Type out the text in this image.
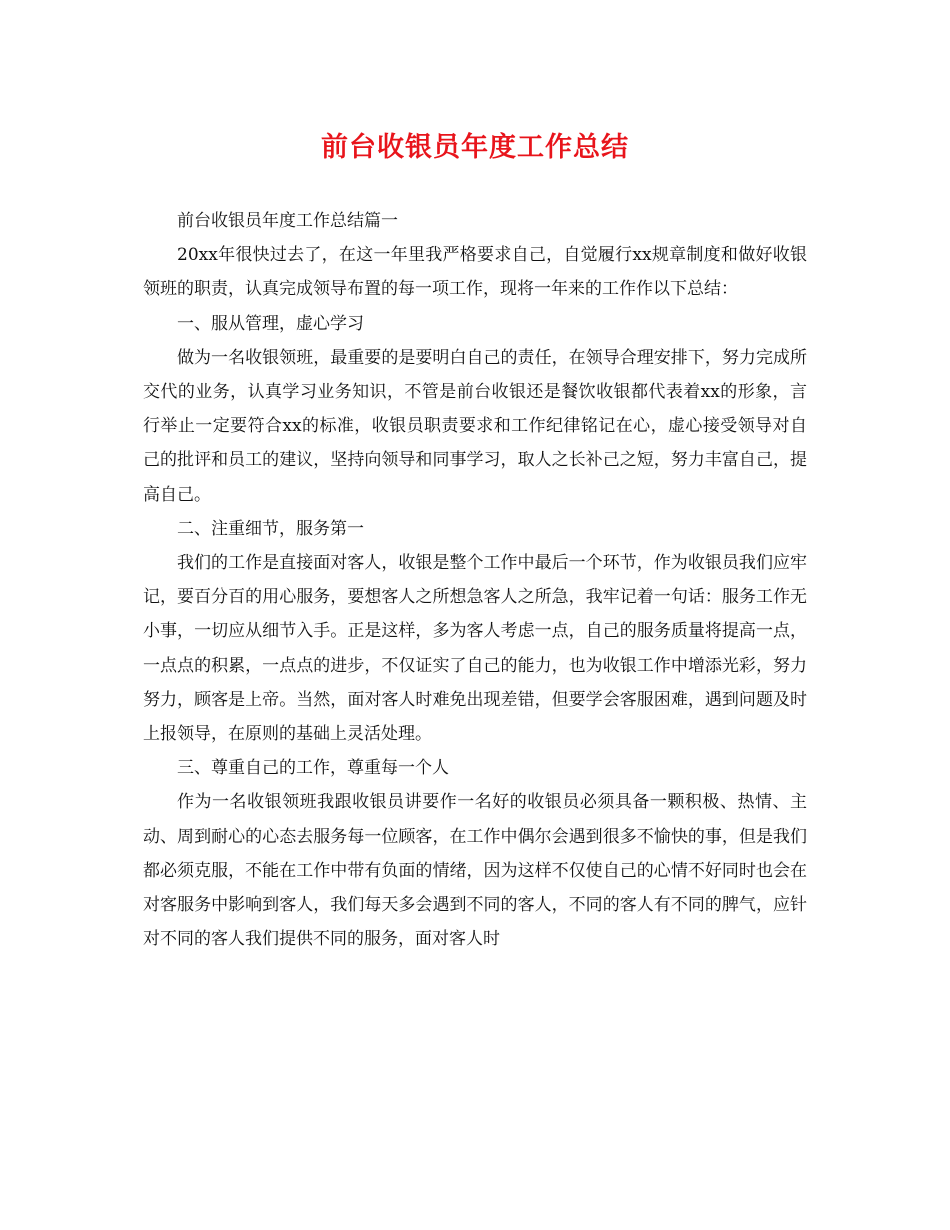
前台收银员年度工作总结

前台收银员年度工作总结篇一

20xx年很快过去了，在这一年里我严格要求自己，自觉履行xx规章制度和做好收银领班的职责，认真完成领导布置的每一项工作，现将一年来的工作作以下总结：

一、服从管理，虚心学习

做为一名收银领班，最重要的是要明白自己的责任，在领导合理安排下，努力完成所交代的业务，认真学习业务知识，不管是前台收银还是餐饮收银都代表着xx的形象，言行举止一定要符合xx的标准，收银员职责要求和工作纪律铭记在心，虚心接受领导对自己的批评和员工的建议，坚持向领导和同事学习，取人之长补己之短，努力丰富自己，提高自己。

二、注重细节，服务第一

我们的工作是直接面对客人，收银是整个工作中最后一个环节，作为收银员我们应牢记，要百分百的用心服务，要想客人之所想急客人之所急，我牢记着一句话：服务工作无小事，一切应从细节入手。正是这样，多为客人考虑一点，自己的服务质量将提高一点，一点点的积累，一点点的进步，不仅证实了自己的能力，也为收银工作中增添光彩，努力努力，顾客是上帝。当然，面对客人时难免出现差错，但要学会客服困难，遇到问题及时上报领导，在原则的基础上灵活处理。

三、尊重自己的工作，尊重每一个人

作为一名收银领班我跟收银员讲要作一名好的收银员必须具备一颗积极、热情、主动、周到耐心的心态去服务每一位顾客，在工作中偶尔会遇到很多不愉快的事，但是我们都必须克服，不能在工作中带有负面的情绪，因为这样不仅使自己的心情不好同时也会在对客服务中影响到客人，我们每天多会遇到不同的客人，不同的客人有不同的脾气，应针对不同的客人我们提供不同的服务，面对客人时
